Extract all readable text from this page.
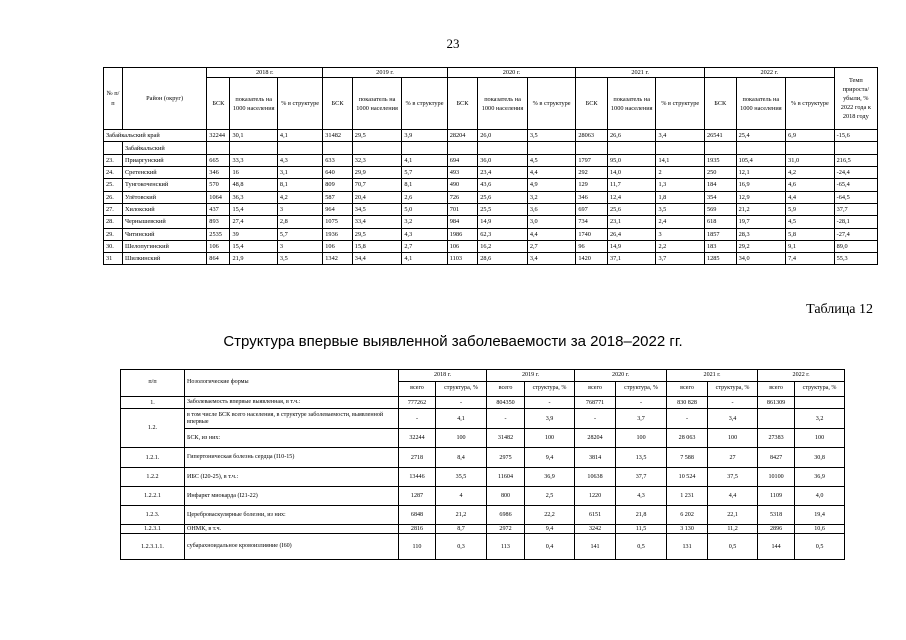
23
№ п/п	Район (округ)	2018 г.			2019 г.			2020 г.			2021 г.			2022 г.			Темп прироста/ убыли, % 2022 года к 2018 году
		БСК	показатель на 1000 населения	% в структуре	БСК	показатель на 1000 населения	% в структуре	БСК	показатель на 1000 населения	% в структуре	БСК	показатель на 1000 населения	% в структуре	БСК	показатель на 1000 населения	% в структуре	
Забайкальский край		32244	30,1	4,1	31482	29,5	3,9	28204	26,0	3,5	28063	26,6	3,4	26541	25,4	6,9	-15,6
	Забайкальский																
23.	Приаргунский	665	33,3	4,3	633	32,3	4,1	694	36,0	4,5	1797	95,0	14,1	1935	105,4	31,0	216,5
24.	Сретенский	346	16	3,1	640	29,9	5,7	493	23,4	4,4	292	14,0	2	250	12,1	4,2	-24,4
25.	Тунгокоченский	570	48,8	8,1	809	70,7	8,1	490	43,6	4,9	129	11,7	1,3	184	16,9	4,6	-65,4
26.	Улётовский	1064	36,3	4,2	587	20,4	2,6	726	25,6	3,2	346	12,4	1,8	354	12,9	4,4	-64,5
27.	Хилокский	437	15,4	3	964	34,5	5,0	701	25,5	3,6	697	25,6	3,5	569	21,2	5,9	37,7
28.	Чернышевский	893	27,4	2,8	1075	33,4	3,2	984	14,9	3,0	734	23,1	2,4	618	19,7	4,5	-28,1
29.	Читинский	2535	39	5,7	1936	29,5	4,3	1986	62,3	4,4	1740	26,4	3	1857	28,3	5,8	-27,4
30.	Шелопугинский	106	15,4	3	106	15,8	2,7	106	16,2	2,7	96	14,9	2,2	183	29,2	9,1	89,0
31	Шилкинский	864	21,9	3,5	1342	34,4	4,1	1103	28,6	3,4	1420	37,1	3,7	1285	34,0	7,4	55,3
Таблица 12
Структура впервые выявленной заболеваемости за 2018–2022 гг.
п/п	Нозологические формы	2018 г.		2019 г.		2020 г.		2021 г.		2022 г.	
		всего	структура, %	всего	структура, %	всего	структура, %	всего	структура, %	всего	структура, %
1.	Заболеваемость впервые выявленная, в т.ч.:	777262	-	804350	-	768771	-	830 828	-	861309	
1.2.	в том числе БСК всего населения, в структуре заболеваемости, выявленной впервые	-	4,1	-	3,9	-	3,7	-	3,4		3,2
	БСК, из них:	32244	100	31482	100	28204	100	28 063	100	27383	100
1.2.1.	Гипертоническая болезнь сердца (I10-15)	2718	8,4	2975	9,4	3814	13,5	7 588	27	8427	30,8
1.2.2	ИБС (I20-25), в т.ч.:	13446	35,5	11604	36,9	10638	37,7	10 524	37,5	10100	36,9
1.2.2.1	Инфаркт миокарда (I21-22)	1287	4	800	2,5	1220	4,3	1 231	4,4	1109	4,0
1.2.3.	Цереброваскулярные болезни, из них:	6848	21,2	6986	22,2	6151	21,8	6 202	22,1	5318	19,4
1.2.3.1	ОНМК, в т.ч.	2816	8,7	2972	9,4	3242	11,5	3 130	11,2	2896	10,6
1.2.3.1.1.	субарахноидальное кровоизлияние (I60)	110	0,3	113	0,4	141	0,5	131	0,5	144	0,5
